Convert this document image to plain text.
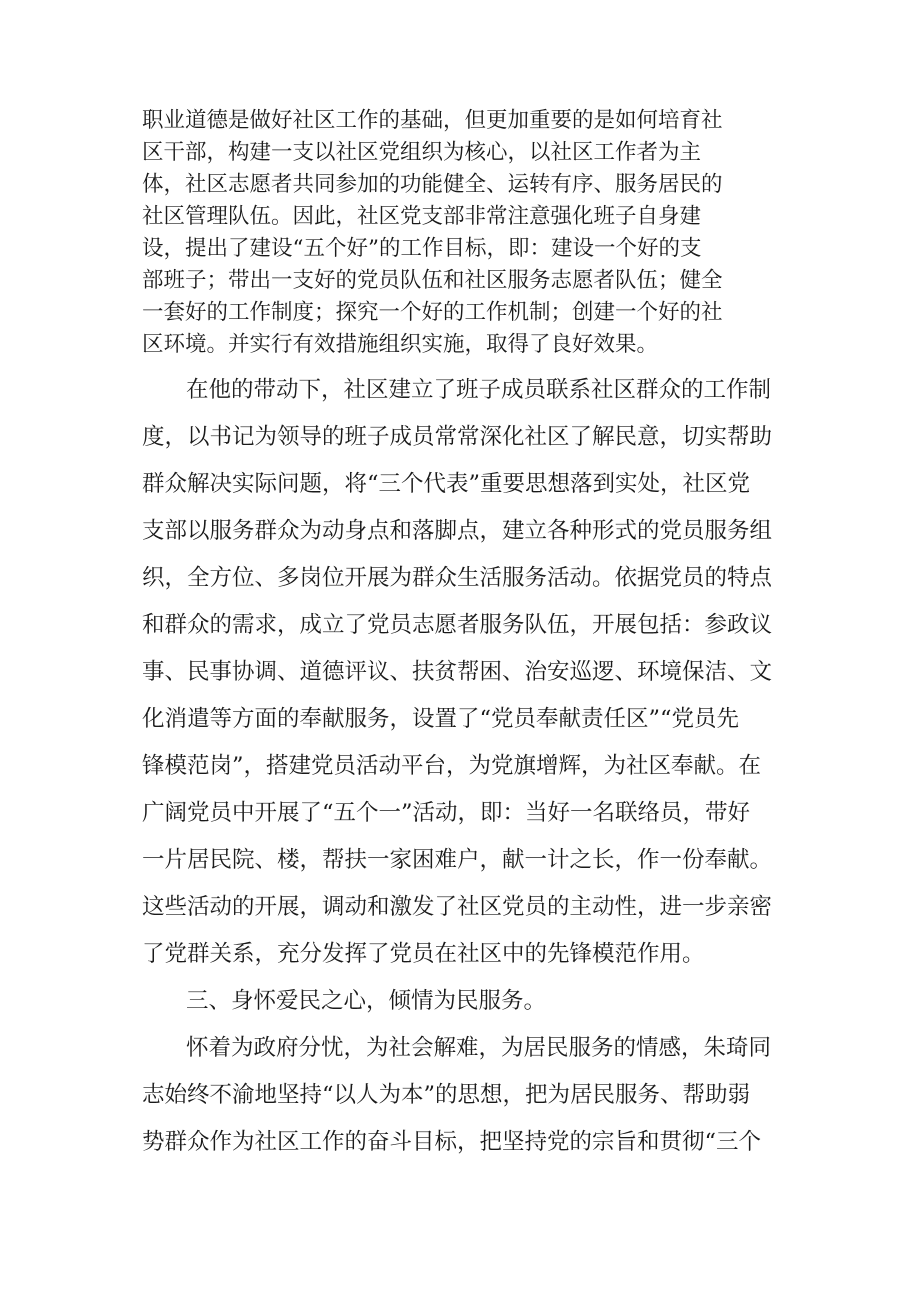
职业道德是做好社区工作的基础，但更加重要的是如何培育社
区干部，构建一支以社区党组织为核心，以社区工作者为主
体，社区志愿者共同参加的功能健全、运转有序、服务居民的
社区管理队伍。因此，社区党支部非常注意强化班子自身建
设，提出了建设“五个好”的工作目标，即：建设一个好的支
部班子；带出一支好的党员队伍和社区服务志愿者队伍；健全
一套好的工作制度；探究一个好的工作机制；创建一个好的社
区环境。并实行有效措施组织实施，取得了良好效果。
在他的带动下，社区建立了班子成员联系社区群众的工作制
度，以书记为领导的班子成员常常深化社区了解民意，切实帮助
群众解决实际问题，将“三个代表”重要思想落到实处，社区党
支部以服务群众为动身点和落脚点，建立各种形式的党员服务组
织，全方位、多岗位开展为群众生活服务活动。依据党员的特点
和群众的需求，成立了党员志愿者服务队伍，开展包括：参政议
事、民事协调、道德评议、扶贫帮困、治安巡逻、环境保洁、文
化消遣等方面的奉献服务，设置了“党员奉献责任区”“党员先
锋模范岗”，搭建党员活动平台，为党旗增辉，为社区奉献。在
广阔党员中开展了“五个一”活动，即：当好一名联络员，带好
一片居民院、楼，帮扶一家困难户，献一计之长，作一份奉献。
这些活动的开展，调动和激发了社区党员的主动性，进一步亲密
了党群关系，充分发挥了党员在社区中的先锋模范作用。
三、身怀爱民之心，倾情为民服务。
怀着为政府分忧，为社会解难，为居民服务的情感，朱琦同
志始终不渝地坚持“以人为本”的思想，把为居民服务、帮助弱
势群众作为社区工作的奋斗目标，把坚持党的宗旨和贯彻“三个
